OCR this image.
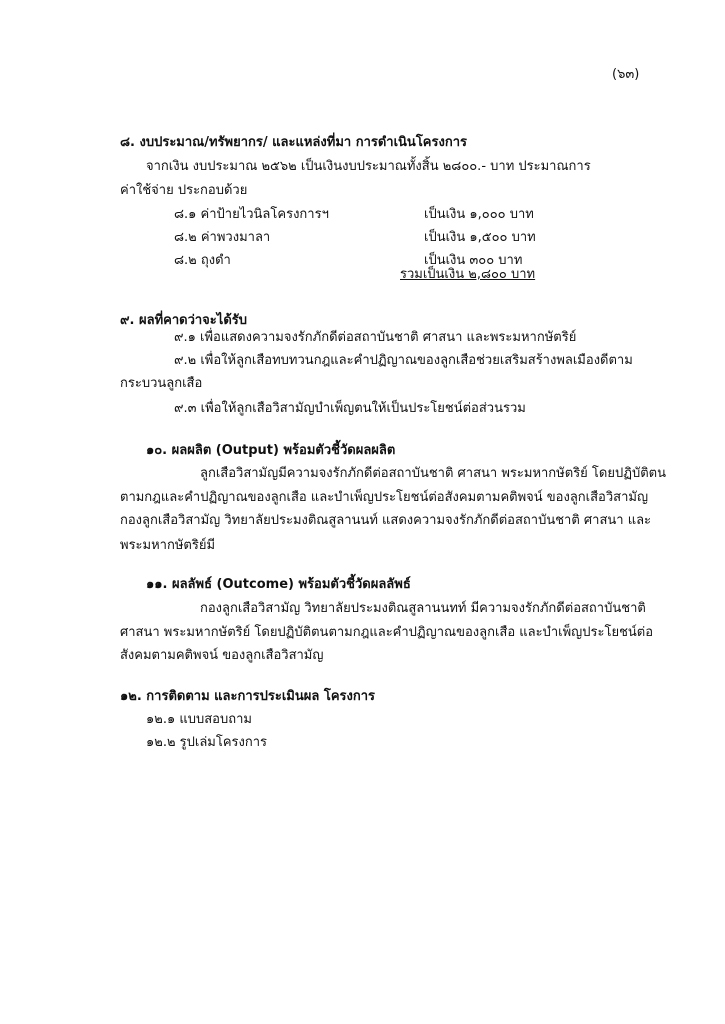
(๖๓)
๘. งบประมาณ/ทรัพยากร/ และแหล่งที่มา การดำเนินโครงการ
จากเงิน งบประมาณ ๒๕๖๒ เป็นเงินงบประมาณทั้งสิ้น ๒๘๐๐.- บาท ประมาณการ
ค่าใช้จ่าย ประกอบด้วย
๘.๑ ค่าป้ายไวนิลโครงการฯ	เป็นเงิน ๑,๐๐๐ บาท
๘.๒ ค่าพวงมาลา	เป็นเงิน ๑,๕๐๐ บาท
๘.๒ ถุงดำ	เป็นเงิน ๓๐๐ บาท
รวมเป็นเงิน ๒,๘๐๐ บาท
๙. ผลที่คาดว่าจะได้รับ
๙.๑ เพื่อแสดงความจงรักภักดีต่อสถาบันชาติ ศาสนา และพระมหากษัตริย์
๙.๒ เพื่อให้ลูกเสือทบทวนกฎและคำปฏิญาณของลูกเสือช่วยเสริมสร้างพลเมืองดีตาม
กระบวนลูกเสือ
๙.๓ เพื่อให้ลูกเสือวิสามัญบำเพ็ญตนให้เป็นประโยชน์ต่อส่วนรวม
๑๐. ผลผลิต (Output) พร้อมตัวชี้วัดผลผลิต
ลูกเสือวิสามัญมีความจงรักภักดีต่อสถาบันชาติ ศาสนา พระมหากษัตริย์ โดยปฏิบัติตน
ตามกฎและคำปฏิญาณของลูกเสือ และบำเพ็ญประโยชน์ต่อสังคมตามคติพจน์ ของลูกเสือวิสามัญ
กองลูกเสือวิสามัญ วิทยาลัยประมงติณสูลานนท์ แสดงความจงรักภักดีต่อสถาบันชาติ ศาสนา และ
พระมหากษัตริย์มี
๑๑. ผลลัพธ์ (Outcome) พร้อมตัวชี้วัดผลลัพธ์
กองลูกเสือวิสามัญ วิทยาลัยประมงติณสูลานนทท์ มีความจงรักภักดีต่อสถาบันชาติ
ศาสนา พระมหากษัตริย์ โดยปฏิบัติตนตามกฎและคำปฏิญาณของลูกเสือ และบำเพ็ญประโยชน์ต่อ
สังคมตามคติพจน์ ของลูกเสือวิสามัญ
๑๒. การติดตาม และการประเมินผล โครงการ
๑๒.๑ แบบสอบถาม
๑๒.๒ รูปเล่มโครงการ
